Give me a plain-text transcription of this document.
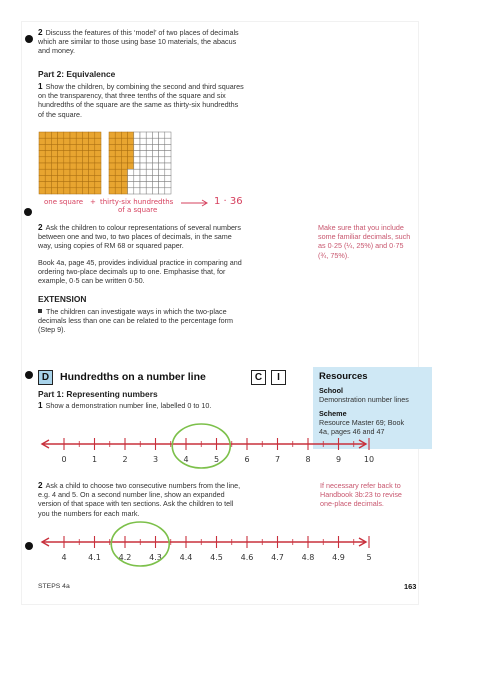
2 Discuss the features of this ‘model’ of two places of decimals
which are similar to those using base 10 materials, the abacus
and money.
Part 2: Equivalence
1 Show the children, by combining the second and third squares
on the transparency, that three tenths of the square and six
hundredths of the square are the same as thirty-six hundredths
of the square.
one square + thirty-six hundredths
of a square
1 · 36
2 Ask the children to colour representations of several numbers
between one and two, to two places of decimals, in the same
way, using copies of RM 68 or squared paper.
Book 4a, page 45, provides individual practice in comparing and
ordering two-place decimals up to one. Emphasise that, for
example, 0·5 can be written 0·50.
Make sure that you include
some familiar decimals, such
as 0·25 (¼, 25%) and 0·75
(¾, 75%).
EXTENSION
The children can investigate ways in which the two-place
decimals less than one can be related to the percentage form
(Step 9).
D	Hundredths on a number line	C	I
Part 1: Representing numbers
1 Show a demonstration number line, labelled 0 to 10.
Resources
School
Demonstration number lines
Scheme
Resource Master 69; Book
4a, pages 46 and 47
0	1	2	3	4	5	6	7	8	9	10
2 Ask a child to choose two consecutive numbers from the line,
e.g. 4 and 5. On a second number line, show an expanded
version of that space with ten sections. Ask the children to tell
you the numbers for each mark.
If necessary refer back to
Handbook 3b:23 to revise
one-place decimals.
4	4.1 4.2 4.3 4.4 4.5 4.6 4.7 4.8 4.9	5
STEPS 4a	163
